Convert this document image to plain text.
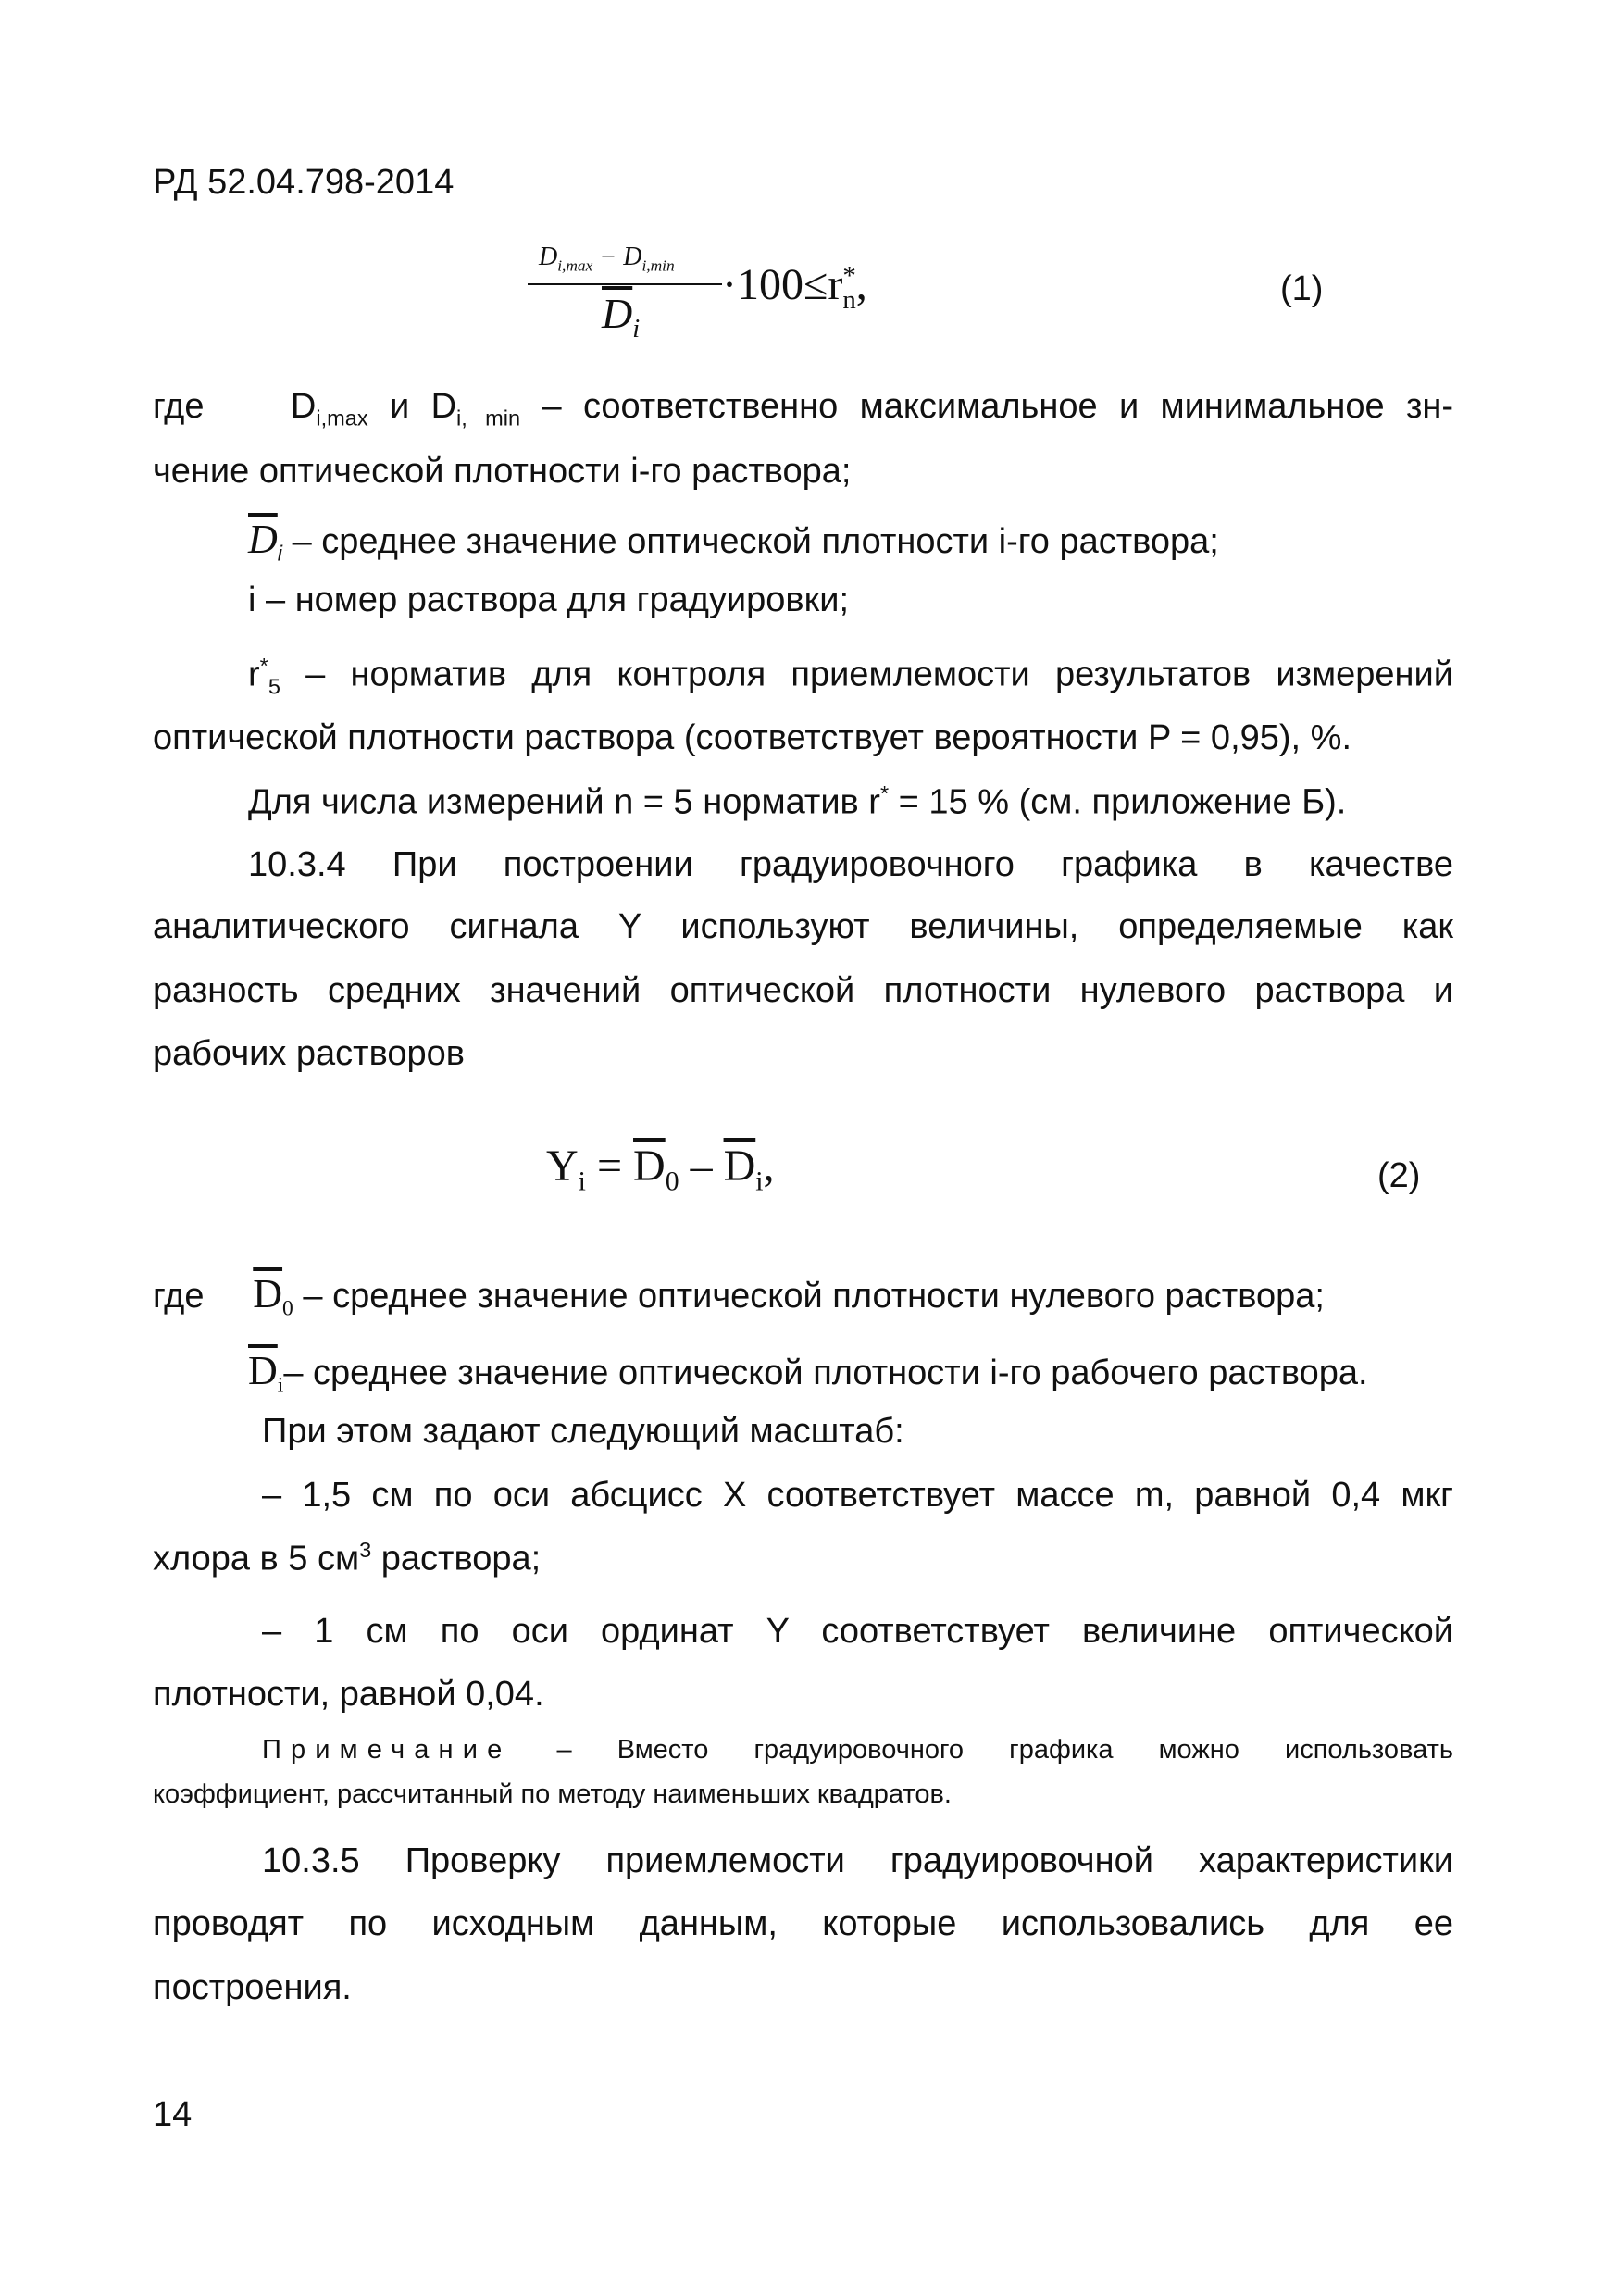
РД 52.04.798-2014
$D_{i,max} - D_{i,min}$
$\overline{D}_i$
·100≤r *
n ,	(1)
где $D_{i,max}$ и $D_{i, min}$ – соответственно максимальное и минимальное зн-
чение оптической плотности i-го раствора;
$\overline{D}_i$ – среднее значение оптической плотности i-го раствора;
i – номер раствора для градуировки;
$r^*_5$ – норматив для контроля приемлемости результатов измерений
оптической плотности раствора (соответствует вероятности P = 0,95), %.
Для числа измерений n = 5 норматив r* = 15 % (см. приложение Б).
10.3.4 При построении градуировочного графика в качестве
аналитического сигнала Y используют величины, определяемые как
разность средних значений оптической плотности нулевого раствора и
рабочих растворов
$Y_i = \overline{D}_0 - \overline{D}_i$,	(2)
где $\overline{D}_0$ – среднее значение оптической плотности нулевого раствора;
$\overline{D}_i-$ среднее значение оптической плотности i-го рабочего раствора.
При этом задают следующий масштаб:
– 1,5 см по оси абсцисс X соответствует массе m, равной 0,4 мкг
хлора в 5 $см^3$ раствора;
– 1 см по оси ординат Y соответствует величине оптической
плотности, равной 0,04.
Примечание – Вместо градуировочного графика можно использовать
коэффициент, рассчитанный по методу наименьших квадратов.
10.3.5 Проверку приемлемости градуировочной характеристики
проводят по исходным данным, которые использовались для ее
построения.
14
